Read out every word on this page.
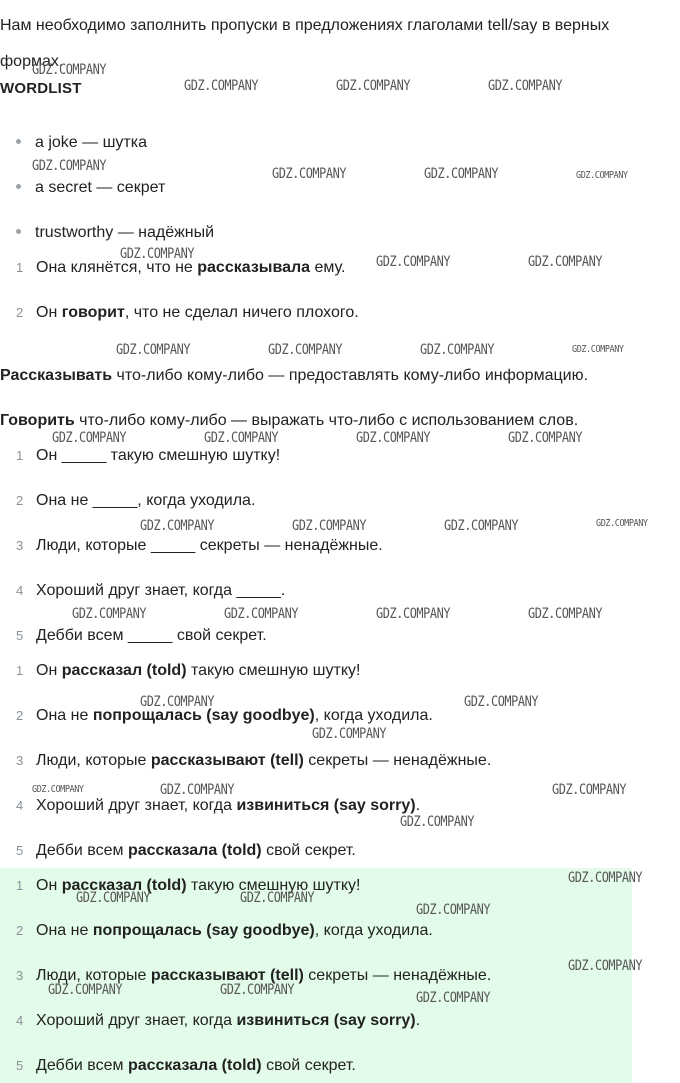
Нам необходимо заполнить пропуски в предложениях глаголами tell/say в верных формах.
WORDLIST
a joke — шутка
a secret — секрет
trustworthy — надёжный
1 Она клянётся, что не рассказывала ему.
2 Он говорит, что не сделал ничего плохого.
Рассказывать что-либо кому-либо — предоставлять кому-либо информацию.
Говорить что-либо кому-либо — выражать что-либо с использованием слов.
1 Он _____ такую смешную шутку!
2 Она не _____, когда уходила.
3 Люди, которые _____ секреты — ненадёжные.
4 Хороший друг знает, когда _____.
5 Дебби всем _____ свой секрет.
1 Он рассказал (told) такую смешную шутку!
2 Она не попрощалась (say goodbye), когда уходила.
3 Люди, которые рассказывают (tell) секреты — ненадёжные.
4 Хороший друг знает, когда извиниться (say sorry).
5 Дебби всем рассказала (told) свой секрет.
1 Он рассказал (told) такую смешную шутку!
2 Она не попрощалась (say goodbye), когда уходила.
3 Люди, которые рассказывают (tell) секреты — ненадёжные.
4 Хороший друг знает, когда извиниться (say sorry).
5 Дебби всем рассказала (told) свой секрет.
GDZ.COMPANY
GDZ.COMPANY	GDZ.COMPANY	GDZ.COMPANY
GDZ.COMPANY	GDZ.COMPANY	GDZ.COMPANY	GDZ.COMPANY
GDZ.COMPANY	GDZ.COMPANY	GDZ.COMPANY
GDZ.COMPANY	GDZ.COMPANY	GDZ.COMPANY	GDZ.COMPANY
GDZ.COMPANY	GDZ.COMPANY	GDZ.COMPANY	GDZ.COMPANY
GDZ.COMPANY	GDZ.COMPANY	GDZ.COMPANY	GDZ.COMPANY
GDZ.COMPANY	GDZ.COMPANY	GDZ.COMPANY	GDZ.COMPANY
GDZ.COMPANY	GDZ.COMPANY
GDZ.COMPANY
GDZ.COMPANY	GDZ.COMPANY	GDZ.COMPANY
GDZ.COMPANY
GDZ.COMPANY
GDZ.COMPANY	GDZ.COMPANY
GDZ.COMPANY
GDZ.COMPANY
GDZ.COMPANY	GDZ.COMPANY	GDZ.COMPANY
